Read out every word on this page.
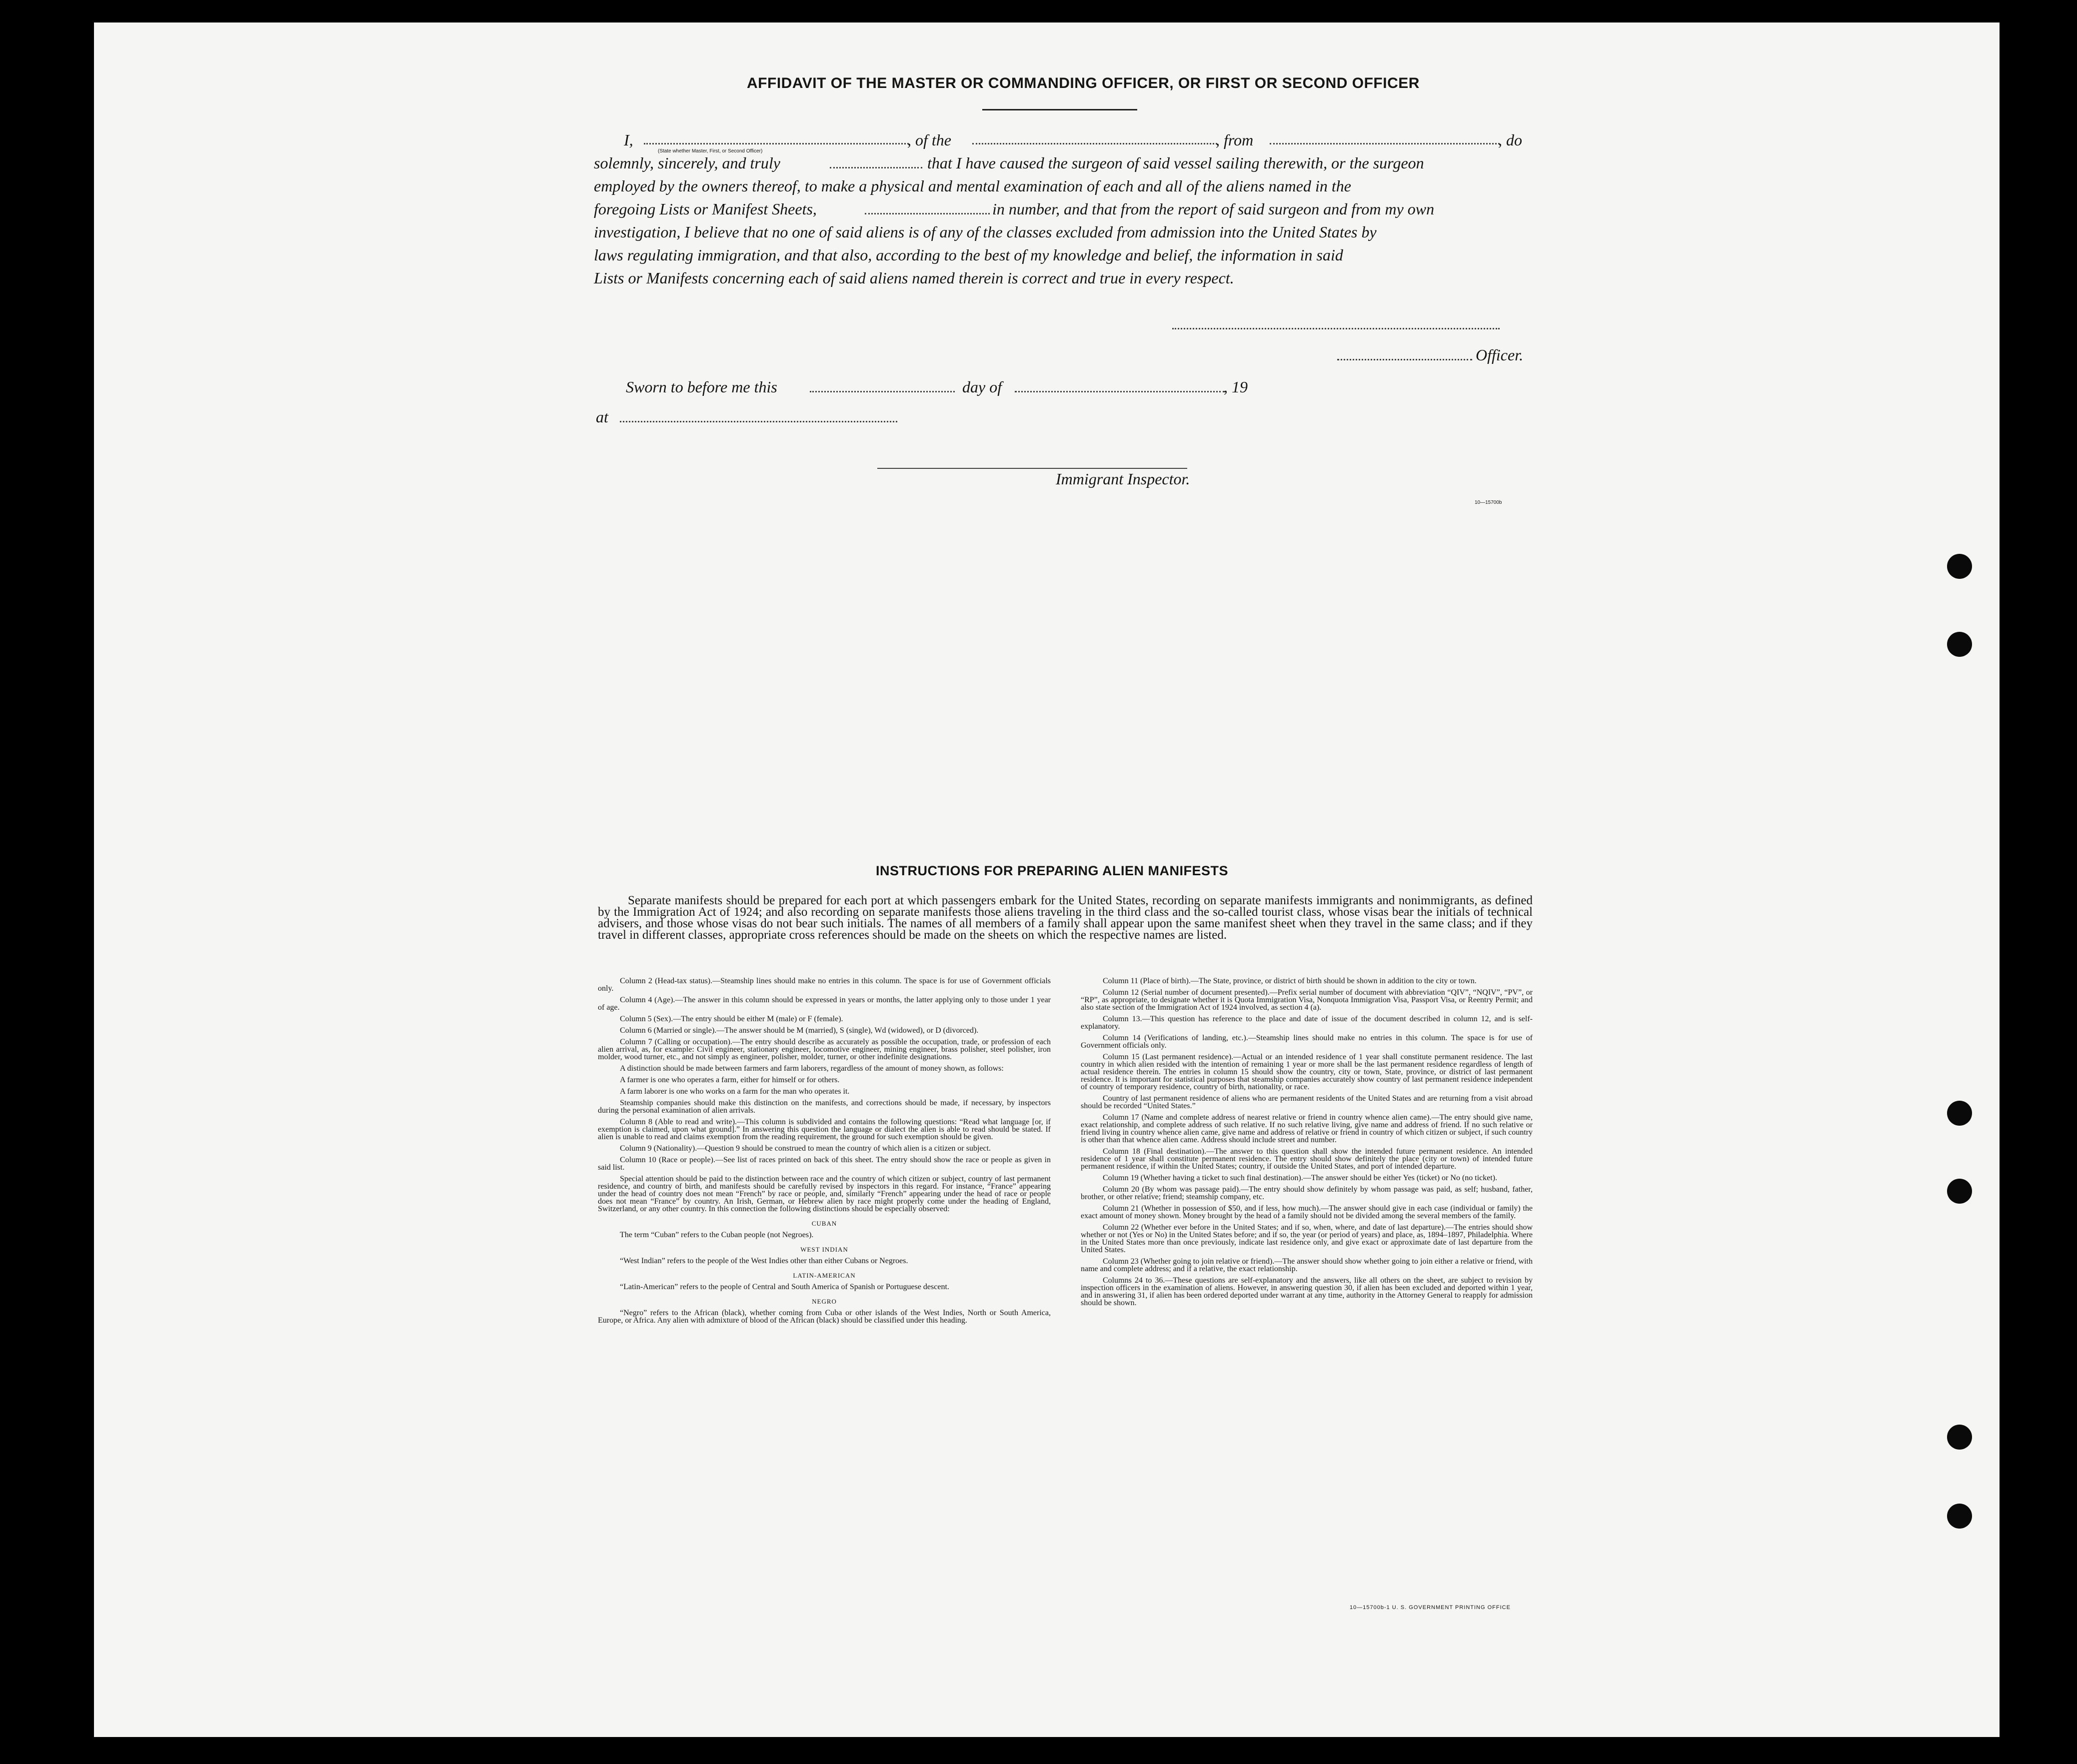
AFFIDAVIT OF THE MASTER OR COMMANDING OFFICER, OR FIRST OR SECOND OFFICER
I,	, of the	, from	, do
(State whether Master, First, or Second Officer)
solemnly, sincerely, and truly	that I have caused the surgeon of said vessel sailing therewith, or the surgeon
employed by the owners thereof, to make a physical and mental examination of each and all of the aliens named in the
foregoing Lists or Manifest Sheets,	in number, and that from the report of said surgeon and from my own
investigation, I believe that no one of said aliens is of any of the classes excluded from admission into the United States by
laws regulating immigration, and that also, according to the best of my knowledge and belief, the information in said
Lists or Manifests concerning each of said aliens named therein is correct and true in every respect.
Officer.
Sworn to before me this	day of	, 19
at
Immigrant Inspector.
10—15700b
INSTRUCTIONS FOR PREPARING ALIEN MANIFESTS
Separate manifests should be prepared for each port at which passengers embark for the United States, recording on separate manifests immigrants and nonimmigrants, as defined by the Immigration Act of 1924; and also recording on separate manifests those aliens traveling in the third class and the so-called tourist class, whose visas bear the initials of technical advisers, and those whose visas do not bear such initials. The names of all members of a family shall appear upon the same manifest sheet when they travel in the same class; and if they travel in different classes, appropriate cross references should be made on the sheets on which the respective names are listed.

Column 2 (Head-tax status).—Steamship lines should make no entries in this column. The space is for use of Government officials only.

Column 4 (Age).—The answer in this column should be expressed in years or months, the latter applying only to those under 1 year of age.

Column 5 (Sex).—The entry should be either M (male) or F (female).

Column 6 (Married or single).—The answer should be M (married), S (single), Wd (widowed), or D (divorced).

Column 7 (Calling or occupation).—The entry should describe as accurately as possible the occupation, trade, or profession of each alien arrival, as, for example: Civil engineer, stationary engineer, locomotive engineer, mining engineer, brass polisher, steel polisher, iron molder, wood turner, etc., and not simply as engineer, polisher, molder, turner, or other indefinite designations.

A distinction should be made between farmers and farm laborers, regardless of the amount of money shown, as follows:

A farmer is one who operates a farm, either for himself or for others.

A farm laborer is one who works on a farm for the man who operates it.

Steamship companies should make this distinction on the manifests, and corrections should be made, if necessary, by inspectors during the personal examination of alien arrivals.

Column 8 (Able to read and write).—This column is subdivided and contains the following questions: “Read what language [or, if exemption is claimed, upon what ground].” In answering this question the language or dialect the alien is able to read should be stated. If alien is unable to read and claims exemption from the reading requirement, the ground for such exemption should be given.

Column 9 (Nationality).—Question 9 should be construed to mean the country of which alien is a citizen or subject.

Column 10 (Race or people).—See list of races printed on back of this sheet. The entry should show the race or people as given in said list.

Special attention should be paid to the distinction between race and the country of which citizen or subject, country of last permanent residence, and country of birth, and manifests should be carefully revised by inspectors in this regard. For instance, “France” appearing under the head of country does not mean “French” by race or people, and, similarly “French” appearing under the head of race or people does not mean “France” by country. An Irish, German, or Hebrew alien by race might properly come under the heading of England, Switzerland, or any other country. In this connection the following distinctions should be especially observed:

CUBAN

The term “Cuban” refers to the Cuban people (not Negroes).

WEST INDIAN

“West Indian” refers to the people of the West Indies other than either Cubans or Negroes.

LATIN-AMERICAN

“Latin-American” refers to the people of Central and South America of Spanish or Portuguese descent.

NEGRO

“Negro” refers to the African (black), whether coming from Cuba or other islands of the West Indies, North or South America, Europe, or Africa. Any alien with admixture of blood of the African (black) should be classified under this heading.

Column 11 (Place of birth).—The State, province, or district of birth should be shown in addition to the city or town.

Column 12 (Serial number of document presented).—Prefix serial number of document with abbreviation “QIV”, “NQIV”, “PV”, or “RP”, as appropriate, to designate whether it is Quota Immigration Visa, Nonquota Immigration Visa, Passport Visa, or Reentry Permit; and also state section of the Immigration Act of 1924 involved, as section 4 (a).

Column 13.—This question has reference to the place and date of issue of the document described in column 12, and is self-explanatory.

Column 14 (Verifications of landing, etc.).—Steamship lines should make no entries in this column. The space is for use of Government officials only.

Column 15 (Last permanent residence).—Actual or an intended residence of 1 year shall constitute permanent residence. The last country in which alien resided with the intention of remaining 1 year or more shall be the last permanent residence regardless of length of actual residence therein. The entries in column 15 should show the country, city or town, State, province, or district of last permanent residence. It is important for statistical purposes that steamship companies accurately show country of last permanent residence independent of country of temporary residence, country of birth, nationality, or race.

Country of last permanent residence of aliens who are permanent residents of the United States and are returning from a visit abroad should be recorded “United States.”

Column 17 (Name and complete address of nearest relative or friend in country whence alien came).—The entry should give name, exact relationship, and complete address of such relative. If no such relative living, give name and address of friend. If no such relative or friend living in country whence alien came, give name and address of relative or friend in country of which citizen or subject, if such country is other than that whence alien came. Address should include street and number.

Column 18 (Final destination).—The answer to this question shall show the intended future permanent residence. An intended residence of 1 year shall constitute permanent residence. The entry should show definitely the place (city or town) of intended future permanent residence, if within the United States; country, if outside the United States, and port of intended departure.

Column 19 (Whether having a ticket to such final destination).—The answer should be either Yes (ticket) or No (no ticket).

Column 20 (By whom was passage paid).—The entry should show definitely by whom passage was paid, as self; husband, father, brother, or other relative; friend; steamship company, etc.

Column 21 (Whether in possession of $50, and if less, how much).—The answer should give in each case (individual or family) the exact amount of money shown. Money brought by the head of a family should not be divided among the several members of the family.

Column 22 (Whether ever before in the United States; and if so, when, where, and date of last departure).—The entries should show whether or not (Yes or No) in the United States before; and if so, the year (or period of years) and place, as, 1894–1897, Philadelphia. Where in the United States more than once previously, indicate last residence only, and give exact or approximate date of last departure from the United States.

Column 23 (Whether going to join relative or friend).—The answer should show whether going to join either a relative or friend, with name and complete address; and if a relative, the exact relationship.

Columns 24 to 36.—These questions are self-explanatory and the answers, like all others on the sheet, are subject to revision by inspection officers in the examination of aliens. However, in answering question 30, if alien has been excluded and deported within 1 year, and in answering 31, if alien has been ordered deported under warrant at any time, authority in the Attorney General to reapply for admission should be shown.

10—15700b-1 U. S. GOVERNMENT PRINTING OFFICE
